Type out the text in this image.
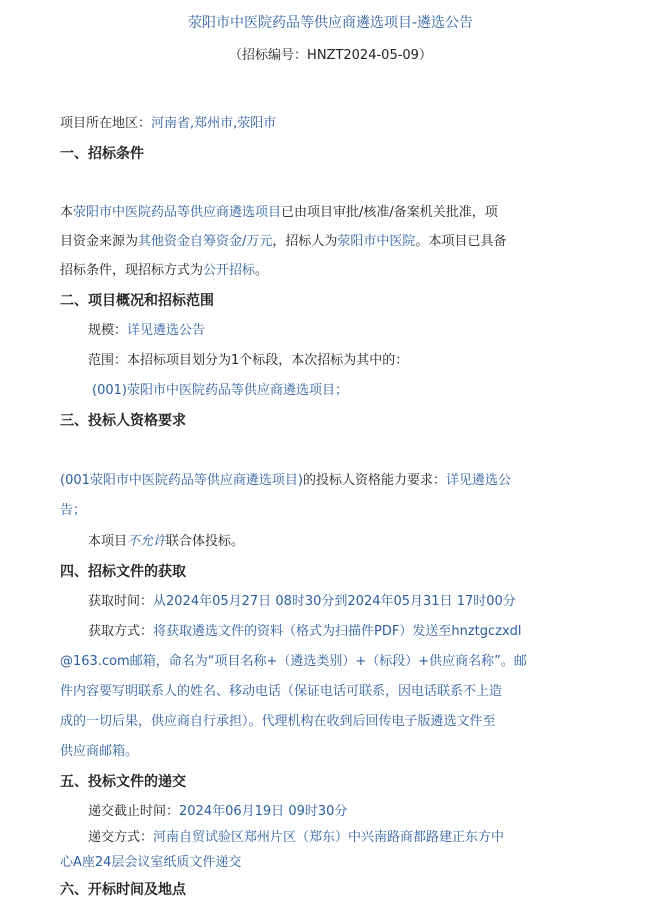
荥阳市中医院药品等供应商遴选项目-遴选公告
（招标编号：HNZT2024-05-09）
项目所在地区：河南省,郑州市,荥阳市
一、招标条件
本荥阳市中医院药品等供应商遴选项目已由项目审批/核准/备案机关批准，项
目资金来源为其他资金自筹资金/万元，招标人为荥阳市中医院。本项目已具备
招标条件，现招标方式为公开招标。
二、项目概况和招标范围
规模：详见遴选公告
范围：本招标项目划分为1个标段，本次招标为其中的：
(001)荥阳市中医院药品等供应商遴选项目；
三、投标人资格要求
(001荥阳市中医院药品等供应商遴选项目)的投标人资格能力要求：详见遴选公
告；
本项目不允许联合体投标。
四、招标文件的获取
获取时间：从2024年05月27日 08时30分到2024年05月31日 17时00分
获取方式：将获取遴选文件的资料（格式为扫描件PDF）发送至hnztgczxdl
@163.com邮箱，命名为“项目名称+（遴选类别）+（标段）+供应商名称”。邮
件内容要写明联系人的姓名、移动电话（保证电话可联系，因电话联系不上造
成的一切后果，供应商自行承担）。代理机构在收到后回传电子版遴选文件至
供应商邮箱。
五、投标文件的递交
递交截止时间：2024年06月19日 09时30分
递交方式：河南自贸试验区郑州片区（郑东）中兴南路商都路建正东方中
心A座24层会议室纸质文件递交
六、开标时间及地点
